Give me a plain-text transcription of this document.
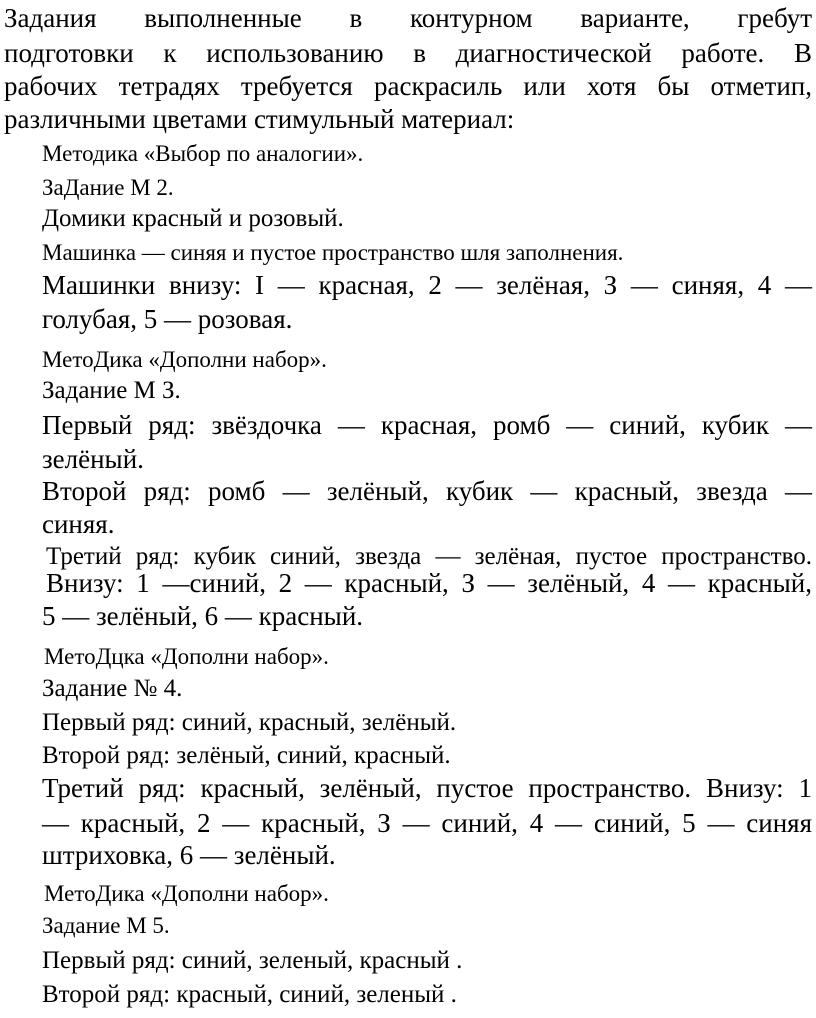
Задания выполненные в контурном варианте, гребут
подготовки к использованию в диагностической работе. В
рабочих тетрадях требуется раскрасиль или хотя бы отметип,
различными цветами стимульный материал:
Методика «Выбор по аналогии».
ЗаДание М 2.
Домики красный и розовый.
Машинка — синяя и пустое пространство шля заполнения.
Машинки внизу: I — красная, 2 — зелёная, З — синяя, 4 —
голубая, 5 — розовая.
МетоДика «Дополни набор».
Задание М З.
Первый ряд: звёздочка — красная, ромб — синий, кубик —
зелёный.
Второй ряд: ромб — зелёный, кубик — красный, звезда —
синяя.
Третий ряд: кубик синий, звезда — зелёная, пустое пространство.
Внизу: 1 —синий, 2 — красный, З — зелёный, 4 — красный,
5 — зелёный, 6 — красный.
МетоДцка «Дополни набор».
Задание № 4.
Первый ряд: синий, красный, зелёный.
Второй ряд: зелёный, синий, красный.
Третий ряд: красный, зелёный, пустое пространство. Внизу: 1
— красный, 2 — красный, З — синий, 4 — синий, 5 — синяя
штриховка, 6 — зелёный.
МетоДика «Дополни набор».
Задание М 5.
Первый ряд: синий, зеленый, красный .
Второй ряд: красный, синий, зеленый .
